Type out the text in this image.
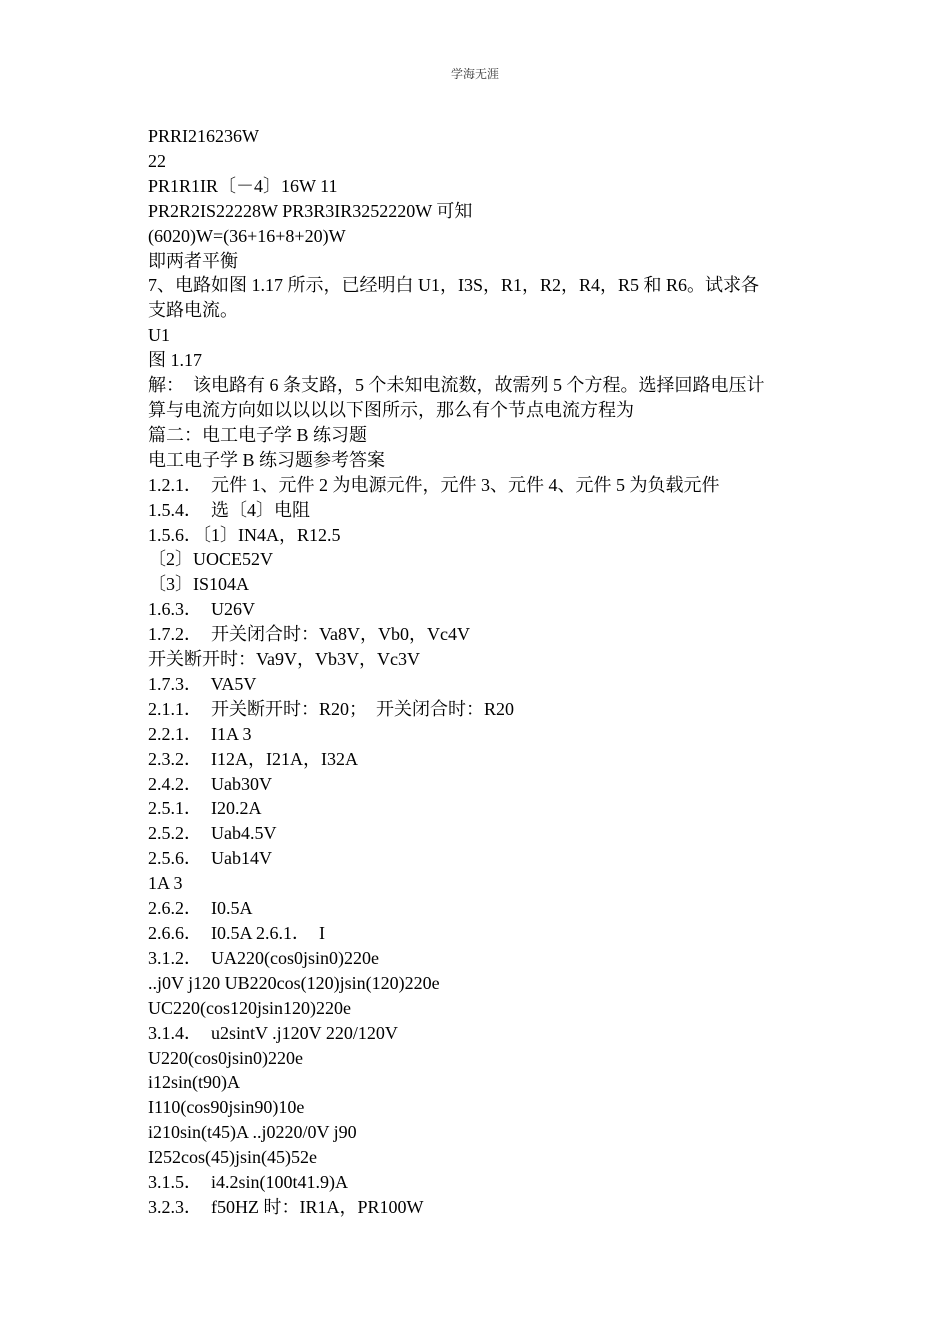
学海无涯
PRRI216236W
22
PR1R1IR〔－4〕16W 11
PR2R2IS22228W PR3R3IR3252220W 可知
(6020)W=(36+16+8+20)W
即两者平衡
7、电路如图 1.17 所示，已经明白 U1，I3S，R1，R2，R4，R5 和 R6。试求各
支路电流。
U1
图 1.17
解：  该电路有 6 条支路，5 个未知电流数，故需列 5 个方程。选择回路电压计
算与电流方向如以以以以下图所示，那么有个节点电流方程为
篇二：电工电子学 B 练习题
电工电子学 B 练习题参考答案
1.2.1．  元件 1、元件 2 为电源元件，元件 3、元件 4、元件 5 为负载元件
1.5.4．  选〔4〕电阻
1.5.6．〔1〕IN4A，R12.5
〔2〕UOCE52V
〔3〕IS104A
1.6.3．  U26V
1.7.2．  开关闭合时：Va8V，Vb0，Vc4V
开关断开时：Va9V，Vb3V，Vc3V
1.7.3．  VA5V
2.1.1．  开关断开时：R20；  开关闭合时：R20
2.2.1．  I1A 3
2.3.2．  I12A，I21A，I32A
2.4.2．  Uab30V
2.5.1．  I20.2A
2.5.2．  Uab4.5V
2.5.6．  Uab14V
1A 3
2.6.2．  I0.5A
2.6.6．  I0.5A 2.6.1．  I
3.1.2．  UA220(cos0jsin0)220e
..j0V j120 UB220cos(120)jsin(120)220e
UC220(cos120jsin120)220e
3.1.4．  u2sintV .j120V 220/120V
U220(cos0jsin0)220e
i12sin(t90)A
I110(cos90jsin90)10e
i210sin(t45)A ..j0220/0V j90
I252cos(45)jsin(45)52e
3.1.5．  i4.2sin(100t41.9)A
3.2.3．  f50HZ 时：IR1A，PR100W
